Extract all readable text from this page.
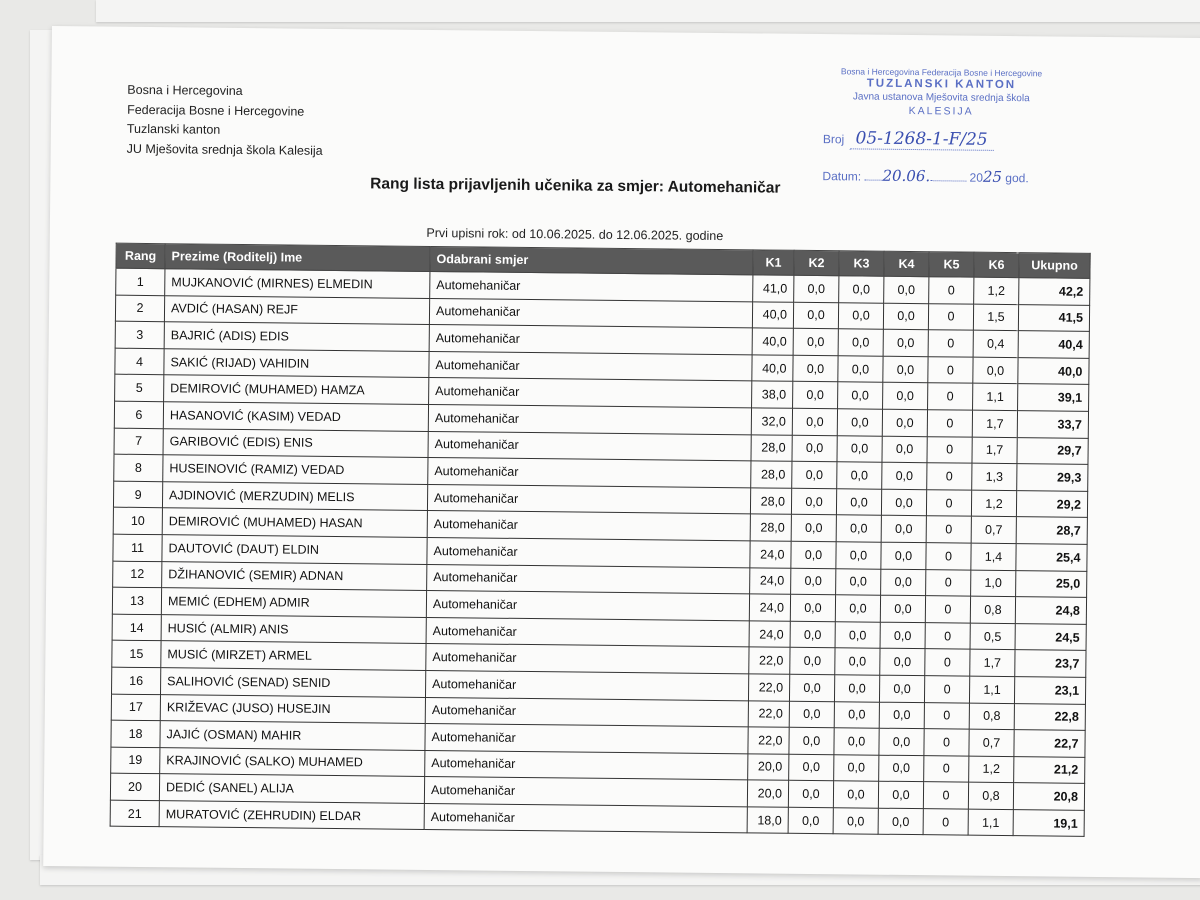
Bosna i Hercegovina
Federacija Bosne i Hercegovine
Tuzlanski kanton
JU Mješovita srednja škola Kalesija
Bosna i Hercegovina Federacija Bosne i Hercegovine
TUZLANSKI KANTON
Javna ustanova Mješovita srednja škola
KALESIJA
Broj 05-1268-1-F/25
Datum: 20.06.	2025 god.
Rang lista prijavljenih učenika za smjer: Automehaničar
Prvi upisni rok: od 10.06.2025. do 12.06.2025. godine
Rang	Prezime (Roditelj) Ime	Odabrani smjer	K1	K2	K3	K4	K5	K6	Ukupno
1	MUJKANOVIĆ (MIRNES) ELMEDIN	Automehaničar	41,0	0,0	0,0	0,0	0	1,2	42,2
2	AVDIĆ (HASAN) REJF	Automehaničar	40,0	0,0	0,0	0,0	0	1,5	41,5
3	BAJRIĆ (ADIS) EDIS	Automehaničar	40,0	0,0	0,0	0,0	0	0,4	40,4
4	SAKIĆ (RIJAD) VAHIDIN	Automehaničar	40,0	0,0	0,0	0,0	0	0,0	40,0
5	DEMIROVIĆ (MUHAMED) HAMZA	Automehaničar	38,0	0,0	0,0	0,0	0	1,1	39,1
6	HASANOVIĆ (KASIM) VEDAD	Automehaničar	32,0	0,0	0,0	0,0	0	1,7	33,7
7	GARIBOVIĆ (EDIS) ENIS	Automehaničar	28,0	0,0	0,0	0,0	0	1,7	29,7
8	HUSEINOVIĆ (RAMIZ) VEDAD	Automehaničar	28,0	0,0	0,0	0,0	0	1,3	29,3
9	AJDINOVIĆ (MERZUDIN) MELIS	Automehaničar	28,0	0,0	0,0	0,0	0	1,2	29,2
10	DEMIROVIĆ (MUHAMED) HASAN	Automehaničar	28,0	0,0	0,0	0,0	0	0,7	28,7
11	DAUTOVIĆ (DAUT) ELDIN	Automehaničar	24,0	0,0	0,0	0,0	0	1,4	25,4
12	DŽIHANOVIĆ (SEMIR) ADNAN	Automehaničar	24,0	0,0	0,0	0,0	0	1,0	25,0
13	MEMIĆ (EDHEM) ADMIR	Automehaničar	24,0	0,0	0,0	0,0	0	0,8	24,8
14	HUSIĆ (ALMIR) ANIS	Automehaničar	24,0	0,0	0,0	0,0	0	0,5	24,5
15	MUSIĆ (MIRZET) ARMEL	Automehaničar	22,0	0,0	0,0	0,0	0	1,7	23,7
16	SALIHOVIĆ (SENAD) SENID	Automehaničar	22,0	0,0	0,0	0,0	0	1,1	23,1
17	KRIŽEVAC (JUSO) HUSEJIN	Automehaničar	22,0	0,0	0,0	0,0	0	0,8	22,8
18	JAJIĆ (OSMAN) MAHIR	Automehaničar	22,0	0,0	0,0	0,0	0	0,7	22,7
19	KRAJINOVIĆ (SALKO) MUHAMED	Automehaničar	20,0	0,0	0,0	0,0	0	1,2	21,2
20	DEDIĆ (SANEL) ALIJA	Automehaničar	20,0	0,0	0,0	0,0	0	0,8	20,8
21	MURATOVIĆ (ZEHRUDIN) ELDAR	Automehaničar	18,0	0,0	0,0	0,0	0	1,1	19,1
